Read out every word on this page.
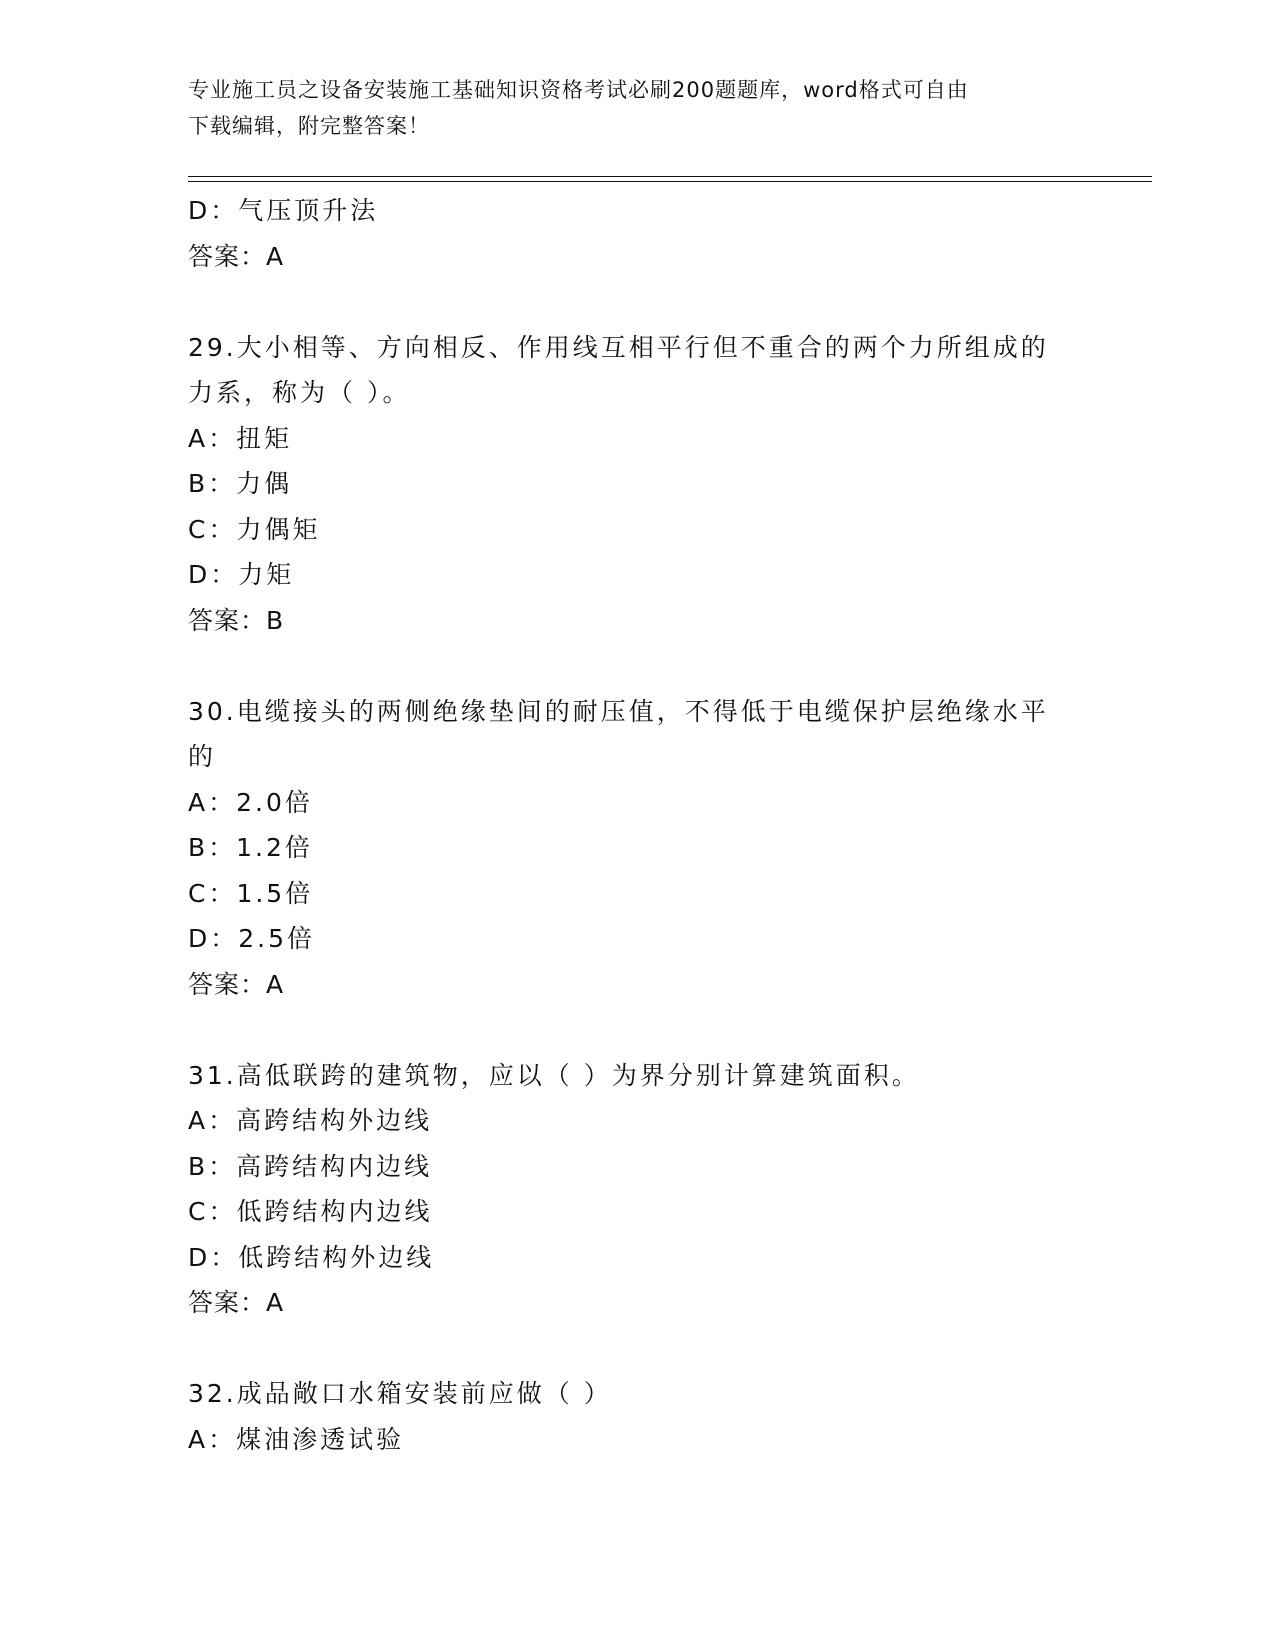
专业施工员之设备安装施工基础知识资格考试必刷200题题库，word格式可自由
下载编辑，附完整答案！
D：气压顶升法
答案：A
29.大小相等、方向相反、作用线互相平行但不重合的两个力所组成的
力系，称为（ ）。
A：扭矩
B：力偶
C：力偶矩
D：力矩
答案：B
30.电缆接头的两侧绝缘垫间的耐压值，不得低于电缆保护层绝缘水平
的
A：2.0倍
B：1.2倍
C：1.5倍
D：2.5倍
答案：A
31.高低联跨的建筑物，应以（ ）为界分别计算建筑面积。
A：高跨结构外边线
B：高跨结构内边线
C：低跨结构内边线
D：低跨结构外边线
答案：A
32.成品敞口水箱安装前应做（ ）
A：煤油渗透试验
